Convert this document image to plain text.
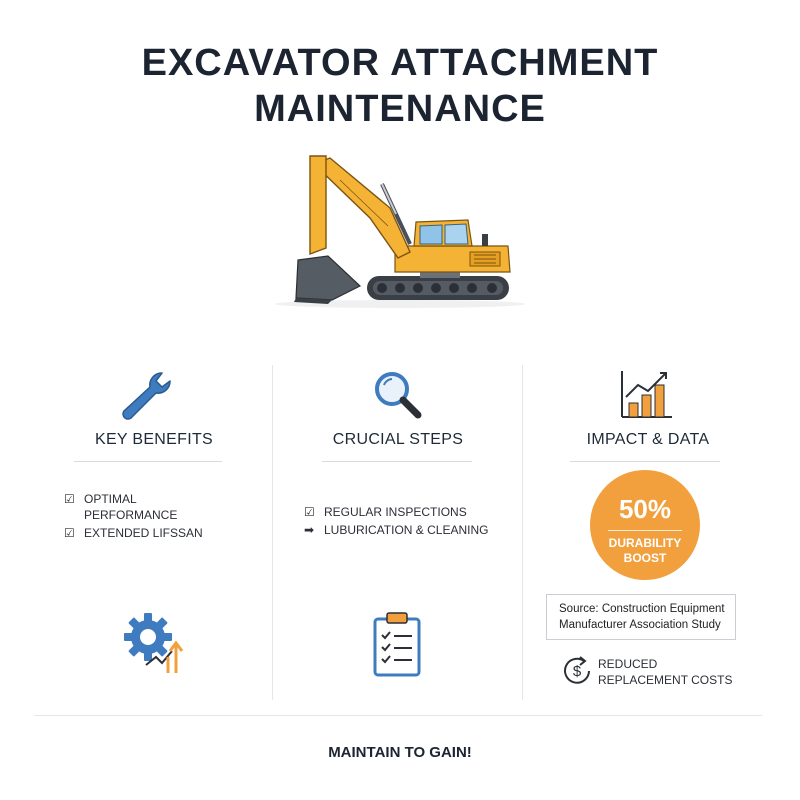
EXCAVATOR ATTACHMENT
MAINTENANCE
KEY BENEFITS
☑ OPTIMAL PERFORMANCE
☑ EXTENDED LIFSSAN
CRUCIAL STEPS
☑ REGULAR INSPECTIONS
➡ LUBURICATION & CLEANING
IMPACT & DATA
50%
DURABILITY
BOOST
Source: Construction Equipment
Manufacturer Association Study
$ REDUCED
REPLACEMENT COSTS
MAINTAIN TO GAIN!
